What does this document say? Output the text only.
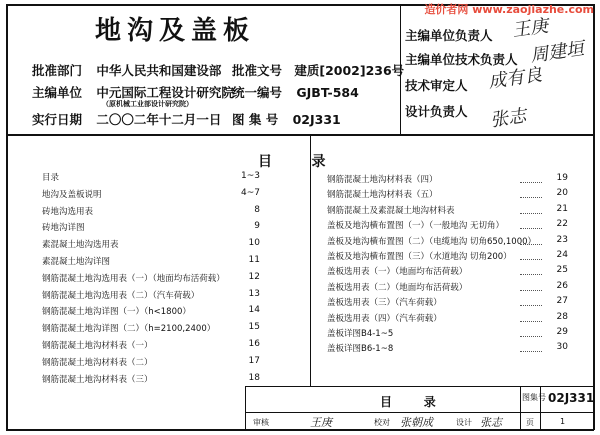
造价者网 www.zaojiazhe.com
地沟及盖板
批准部门 中华人民共和国建设部 批准文号 建质[2002]236号
主编单位 中元国际工程设计研究院
（原机械工业部设计研究院）
统一编号 GJBT-584
实行日期 二〇〇二年十二月一日 图 集 号 02J331
主编单位负责人 王庚
主编单位技术负责人 周建垣
技术审定人 成有良
设计负责人 张志
目    录
目录	1~3
地沟及盖板说明	4~7
砖地沟选用表	8
砖地沟详图	9
素混凝土地沟选用表	10
素混凝土地沟详图	11
钢筋混凝土地沟选用表（一）（地面均布活荷载）	12
钢筋混凝土地沟选用表（二）（汽车荷载）	13
钢筋混凝土地沟详图（一）（h<1800）	14
钢筋混凝土地沟详图（二）（h=2100,2400）	15
钢筋混凝土地沟材料表（一）	16
钢筋混凝土地沟材料表（二）	17
钢筋混凝土地沟材料表（三）	18
钢筋混凝土地沟材料表（四）	19
钢筋混凝土地沟材料表（五）	20
钢筋混凝土及素混凝土地沟材料表	21
盖板及地沟横布置图（一）（一般地沟 无切角）	22
盖板及地沟横布置图（二）（电缆地沟 切角650,1000）	23
盖板及地沟横布置图（三）（水道地沟 切角200）	24
盖板选用表（一）（地面均布活荷载）	25
盖板选用表（二）（地面均布活荷载）	26
盖板选用表（三）（汽车荷载）	27
盖板选用表（四）（汽车荷载）	28
盖板详图B4-1~5	29
盖板详图B6-1~8	30
目    录	图集号 02J331
审核	王庚	校对 张朝成	设计 张志	页	1
